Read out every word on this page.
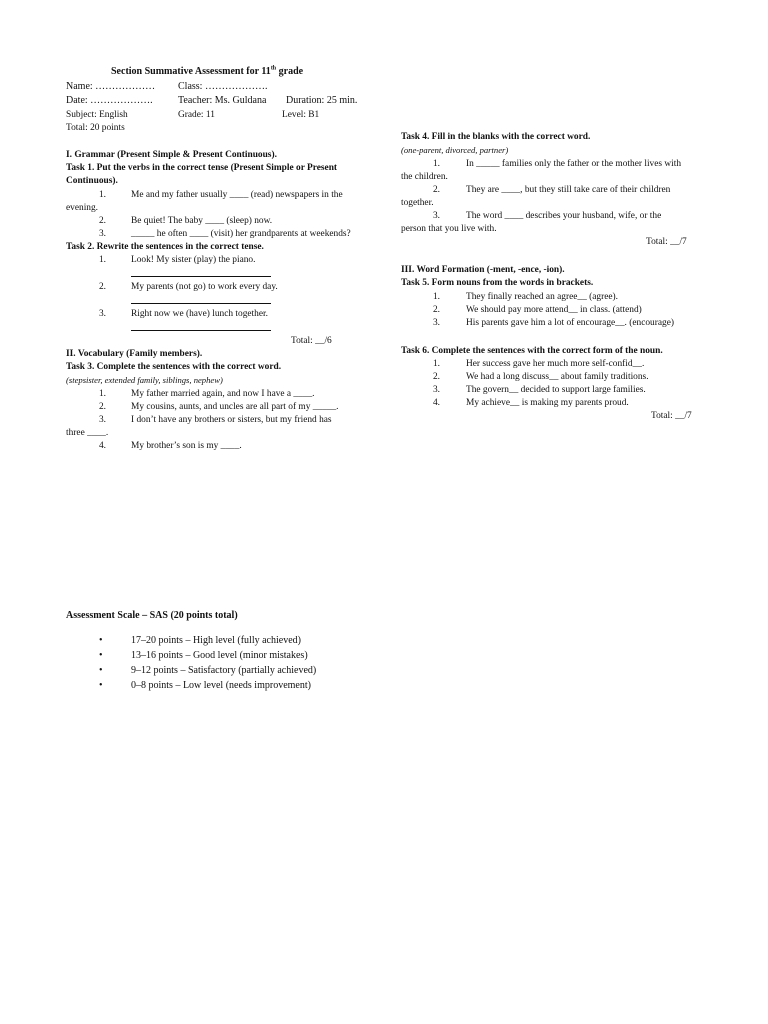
Section Summative Assessment for 11th grade
Name: ……………… Class: ……………….
Date: ……………….	Teacher: Ms. Guldana Duration: 25 min.
Subject: English	Grade: 11	Level: B1
Total: 20 points
I. Grammar (Present Simple & Present Continuous).
Task 1. Put the verbs in the correct tense (Present Simple or Present
Continuous).
1.	Me and my father usually ____ (read) newspapers in the
evening.
2.	Be quiet! The baby ____ (sleep) now.
3.	_____ he often ____ (visit) her grandparents at weekends?
Task 2. Rewrite the sentences in the correct tense.
1.	Look! My sister (play) the piano.
2.	My parents (not go) to work every day.
3.	Right now we (have) lunch together.
Total: __/6
II. Vocabulary (Family members).
Task 3. Complete the sentences with the correct word.
(stepsister, extended family, siblings, nephew)
1.	My father married again, and now I have a ____.
2.	My cousins, aunts, and uncles are all part of my _____.
3.	I don’t have any brothers or sisters, but my friend has
three ____.
4.	My brother’s son is my ____.
Task 4. Fill in the blanks with the correct word.
(one-parent, divorced, partner)
1.	In _____ families only the father or the mother lives with
the children.
2.	They are ____, but they still take care of their children
together.
3.	The word ____ describes your husband, wife, or the
person that you live with.
Total: __/7
III. Word Formation (-ment, -ence, -ion).
Task 5. Form nouns from the words in brackets.
1.	They finally reached an agree__ (agree).
2.	We should pay more attend__ in class. (attend)
3.	His parents gave him a lot of encourage__. (encourage)
Task 6. Complete the sentences with the correct form of the noun.
1.	Her success gave her much more self-confid__.
2.	We had a long discuss__ about family traditions.
3.	The govern__ decided to support large families.
4.	My achieve__ is making my parents proud.
Total: __/7
Assessment Scale – SAS (20 points total)
•	17–20 points – High level (fully achieved)
•	13–16 points – Good level (minor mistakes)
•	9–12 points – Satisfactory (partially achieved)
•	0–8 points – Low level (needs improvement)
